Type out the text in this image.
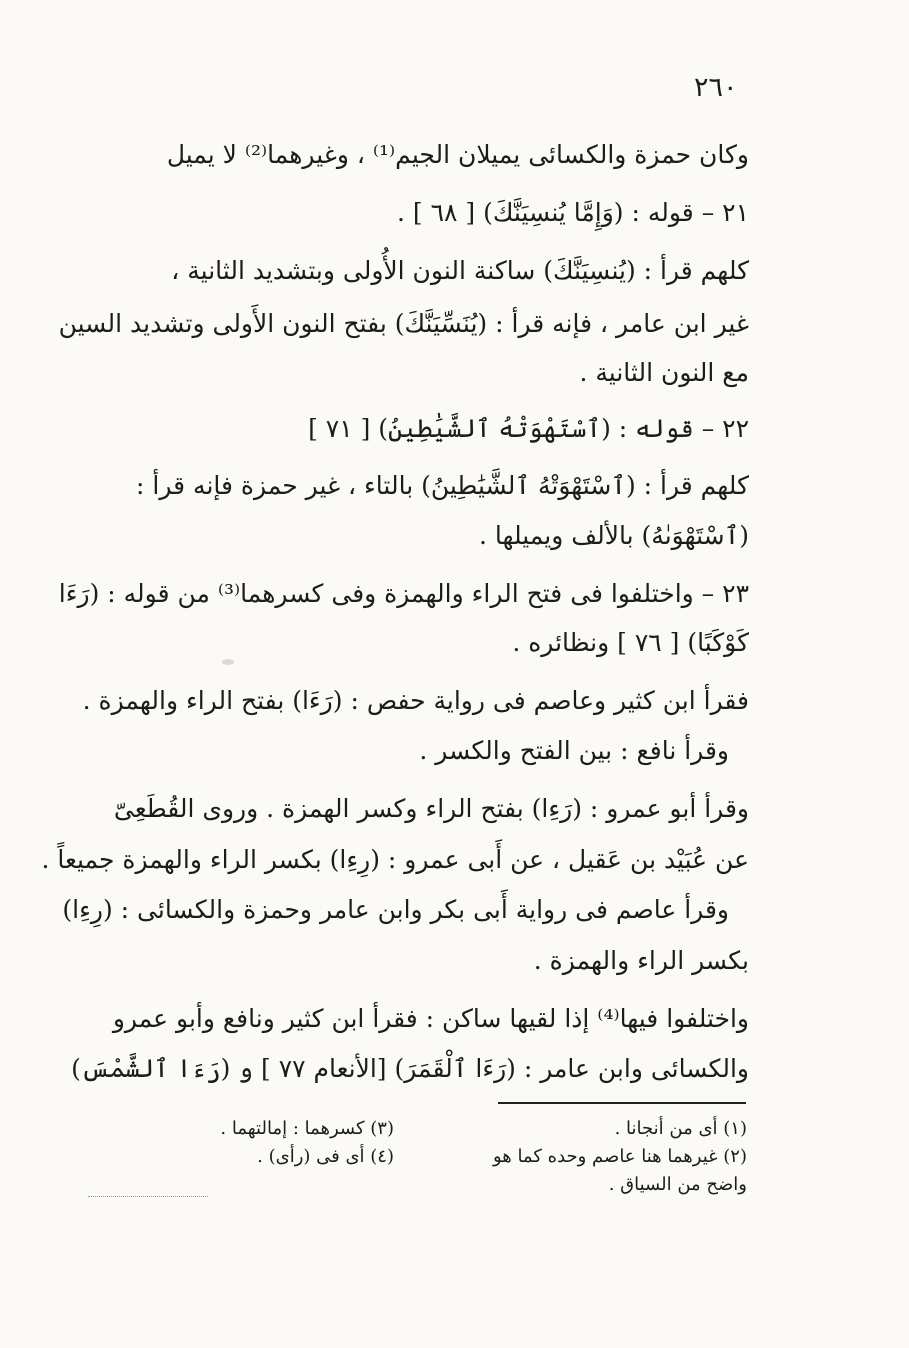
٢٦٠
وكان حمزة والكسائى يميلان الجيم⁽¹⁾ ، وغيرهما⁽²⁾ لا يميل
٢١ – قوله : (وَإِمَّا يُنسِيَنَّكَ) [ ٦٨ ] .
كلهم قرأ : (يُنسِيَنَّكَ) ساكنة النون الأُولى وبتشديد الثانية ،
غير ابن عامر ، فإنه قرأ : (يُنَسِّيَنَّكَ) بفتح النون الأَولى وتشديد السين
مع النون الثانية .
٢٢ – قوله : (ٱسْتَهْوَتْهُ ٱلشَّيَٰطِينُ) [ ٧١ ]
كلهم قرأ : (ٱسْتَهْوَتْهُ ٱلشَّيَٰطِينُ) بالتاء ، غير حمزة فإنه قرأ :
(ٱسْتَهْوَىٰهُ) بالألف ويميلها .
٢٣ – واختلفوا فى فتح الراء والهمزة وفى كسرهما⁽³⁾ من قوله : (رَءَا
كَوْكَبًا) [ ٧٦ ] ونظائره .
فقرأ ابن كثير وعاصم فى رواية حفص : (رَءَا) بفتح الراء والهمزة .
وقرأ نافع : بين الفتح والكسر .
وقرأ أبو عمرو : (رَءِا) بفتح الراء وكسر الهمزة . وروى القُطَعِىّ
عن عُبَيْد بن عَقيل ، عن أَبى عمرو : (رِءِا) بكسر الراء والهمزة جميعاً .
وقرأ عاصم فى رواية أَبى بكر وابن عامر وحمزة والكسائى : (رِءِا)
بكسر الراء والهمزة .
واختلفوا فيها⁽⁴⁾ إذا لقيها ساكن : فقرأ ابن كثير ونافع وأبو عمرو
والكسائى وابن عامر : (رَءَا ٱلْقَمَرَ) [الأنعام ٧٧ ] و (رَءَا ٱلشَّمْسَ)
(١) أى من أنجانا .
(٣) كسرهما : إمالتهما .
(٢) غيرهما هنا عاصم وحده كما هو
(٤) أى فى (رأى) .
واضح من السياق .
